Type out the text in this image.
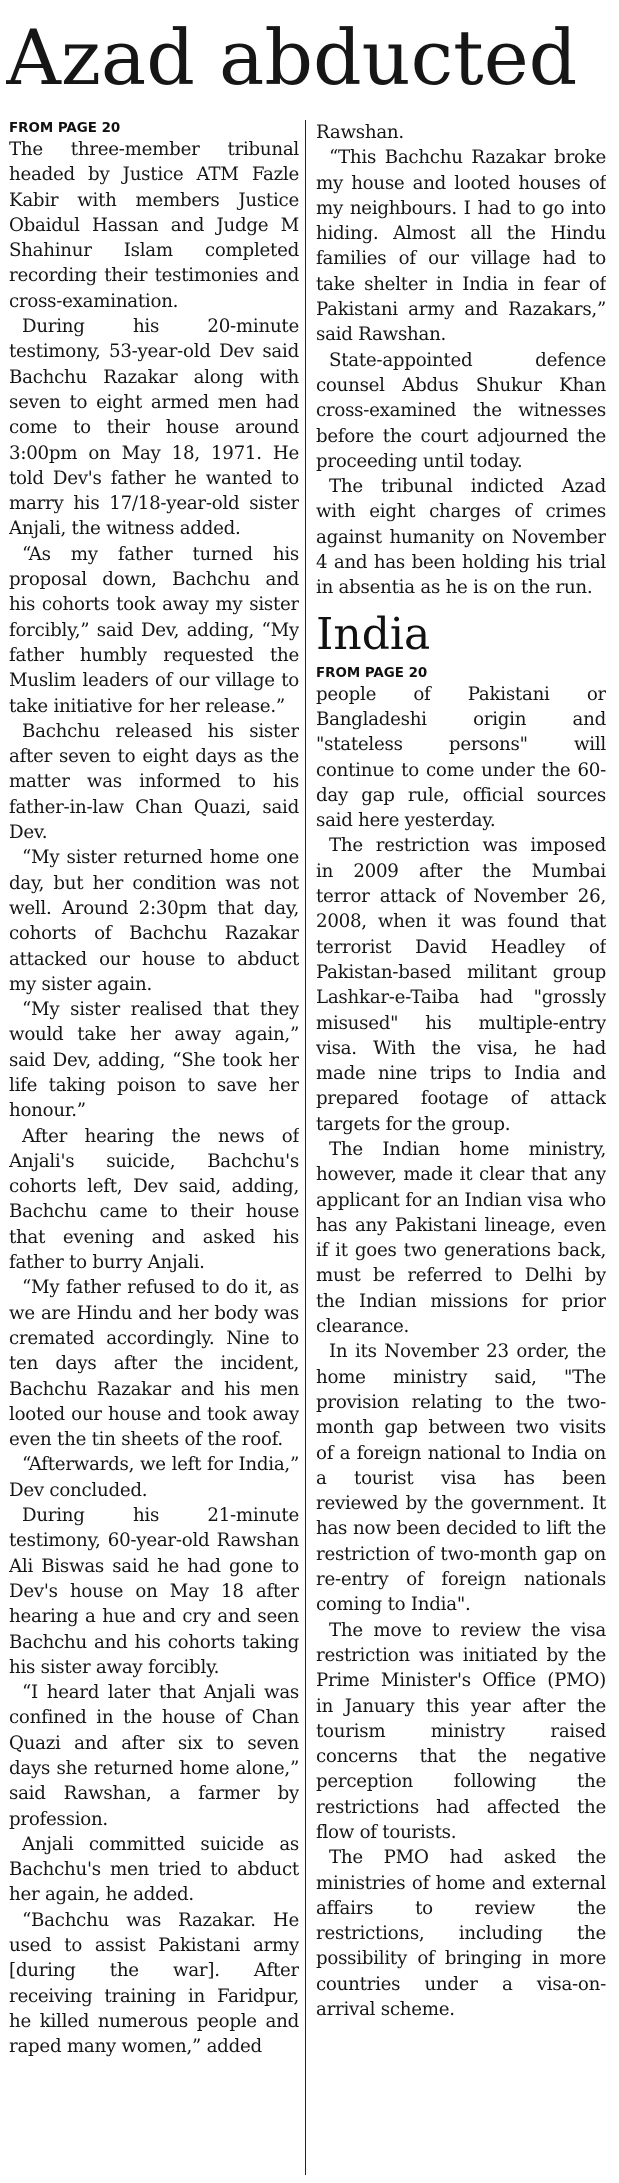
Azad abducted

FROM PAGE 20

The three-member tribunal headed by Justice ATM Fazle Kabir with members Justice Obaidul Hassan and Judge M Shahinur Islam completed recording their testimonies and cross-examination.

During his 20-minute testimony, 53-year-old Dev said Bachchu Razakar along with seven to eight armed men had come to their house around 3:00pm on May 18, 1971. He told Dev's father he wanted to marry his 17/18-year-old sister Anjali, the witness added.

“As my father turned his proposal down, Bachchu and his cohorts took away my sister forcibly,” said Dev, adding, “My father humbly requested the Muslim leaders of our village to take initiative for her release.”

Bachchu released his sister after seven to eight days as the matter was informed to his father-in-law Chan Quazi, said Dev.

“My sister returned home one day, but her condition was not well. Around 2:30pm that day, cohorts of Bachchu Razakar attacked our house to abduct my sister again.

“My sister realised that they would take her away again,” said Dev, adding, “She took her life taking poison to save her honour.”

After hearing the news of Anjali's suicide, Bachchu's cohorts left, Dev said, adding, Bachchu came to their house that evening and asked his father to burry Anjali.

“My father refused to do it, as we are Hindu and her body was cremated accordingly. Nine to ten days after the incident, Bachchu Razakar and his men looted our house and took away even the tin sheets of the roof.

“Afterwards, we left for India,” Dev concluded.

During his 21-minute testimony, 60-year-old Rawshan Ali Biswas said he had gone to Dev's house on May 18 after hearing a hue and cry and seen Bachchu and his cohorts taking his sister away forcibly.

“I heard later that Anjali was confined in the house of Chan Quazi and after six to seven days she returned home alone,” said Rawshan, a farmer by profession.

Anjali committed suicide as Bachchu's men tried to abduct her again, he added.

“Bachchu was Razakar. He used to assist Pakistani army [during the war]. After receiving training in Faridpur, he killed numerous people and raped many women,” added

Rawshan.

“This Bachchu Razakar broke my house and looted houses of my neighbours. I had to go into hiding. Almost all the Hindu families of our village had to take shelter in India in fear of Pakistani army and Razakars,” said Rawshan.

State-appointed defence counsel Abdus Shukur Khan cross-examined the witnesses before the court adjourned the proceeding until today.

The tribunal indicted Azad with eight charges of crimes against humanity on November 4 and has been holding his trial in absentia as he is on the run.

India

FROM PAGE 20

people of Pakistani or Bangladeshi origin and "stateless persons" will continue to come under the 60-day gap rule, official sources said here yesterday.

The restriction was imposed in 2009 after the Mumbai terror attack of November 26, 2008, when it was found that terrorist David Headley of Pakistan-based militant group Lashkar-e-Taiba had "grossly misused" his multiple-entry visa. With the visa, he had made nine trips to India and prepared footage of attack targets for the group.

The Indian home ministry, however, made it clear that any applicant for an Indian visa who has any Pakistani lineage, even if it goes two generations back, must be referred to Delhi by the Indian missions for prior clearance.

In its November 23 order, the home ministry said, "The provision relating to the two-month gap between two visits of a foreign national to India on a tourist visa has been reviewed by the government. It has now been decided to lift the restriction of two-month gap on re-entry of foreign nationals coming to India".

The move to review the visa restriction was initiated by the Prime Minister's Office (PMO) in January this year after the tourism ministry raised concerns that the negative perception following the restrictions had affected the flow of tourists.

The PMO had asked the ministries of home and external affairs to review the restrictions, including the possibility of bringing in more countries under a visa-on-arrival scheme.
